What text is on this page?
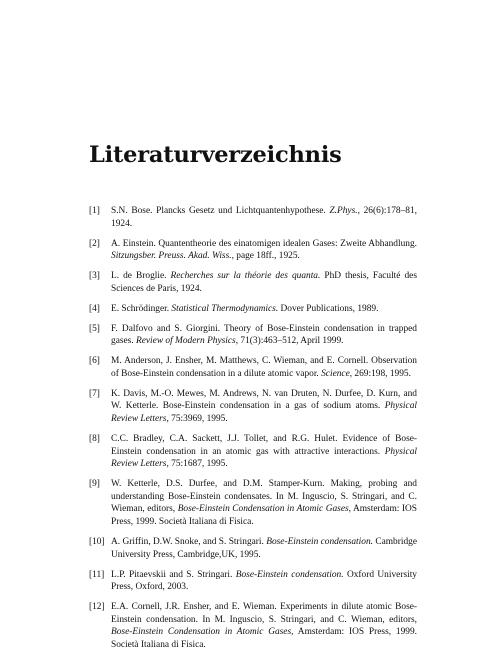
Literaturverzeichnis
[1]	S.N. Bose. Plancks Gesetz und Lichtquantenhypothese. Z.Phys., 26(6):178–81, 1924.
[2]	A. Einstein. Quantentheorie des einatomigen idealen Gases: Zweite Abhandlung. Sitzungsber. Preuss. Akad. Wiss., page 18ff., 1925.
[3]	L. de Broglie. Recherches sur la théorie des quanta. PhD thesis, Faculté des Sciences de Paris, 1924.
[4]	E. Schrödinger. Statistical Thermodynamics. Dover Publications, 1989.
[5]	F. Dalfovo and S. Giorgini. Theory of Bose-Einstein condensation in trapped gases. Review of Modern Physics, 71(3):463–512, April 1999.
[6]	M. Anderson, J. Ensher, M. Matthews, C. Wieman, and E. Cornell. Observation of Bose-Einstein condensation in a dilute atomic vapor. Science, 269:198, 1995.
[7]	K. Davis, M.-O. Mewes, M. Andrews, N. van Druten, N. Durfee, D. Kurn, and W. Ketterle. Bose-Einstein condensation in a gas of sodium atoms. Physical Review Letters, 75:3969, 1995.
[8]	C.C. Bradley, C.A. Sackett, J.J. Tollet, and R.G. Hulet. Evidence of Bose-Einstein condensation in an atomic gas with attractive interactions. Physical Review Letters, 75:1687, 1995.
[9]	W. Ketterle, D.S. Durfee, and D.M. Stamper-Kurn. Making, probing and understanding Bose-Einstein condensates. In M. Inguscio, S. Stringari, and C. Wieman, editors, Bose-Einstein Condensation in Atomic Gases, Amsterdam: IOS Press, 1999. Società Italiana di Fisica.
[10] A. Griffin, D.W. Snoke, and S. Stringari. Bose-Einstein condensation. Cambridge University Press, Cambridge,UK, 1995.
[11] L.P. Pitaevskii and S. Stringari. Bose-Einstein condensation. Oxford University Press, Oxford, 2003.
[12] E.A. Cornell, J.R. Ensher, and E. Wieman. Experiments in dilute atomic Bose-Einstein condensation. In M. Inguscio, S. Stringari, and C. Wieman, editors, Bose-Einstein Condensation in Atomic Gases, Amsterdam: IOS Press, 1999. Società Italiana di Fisica.
